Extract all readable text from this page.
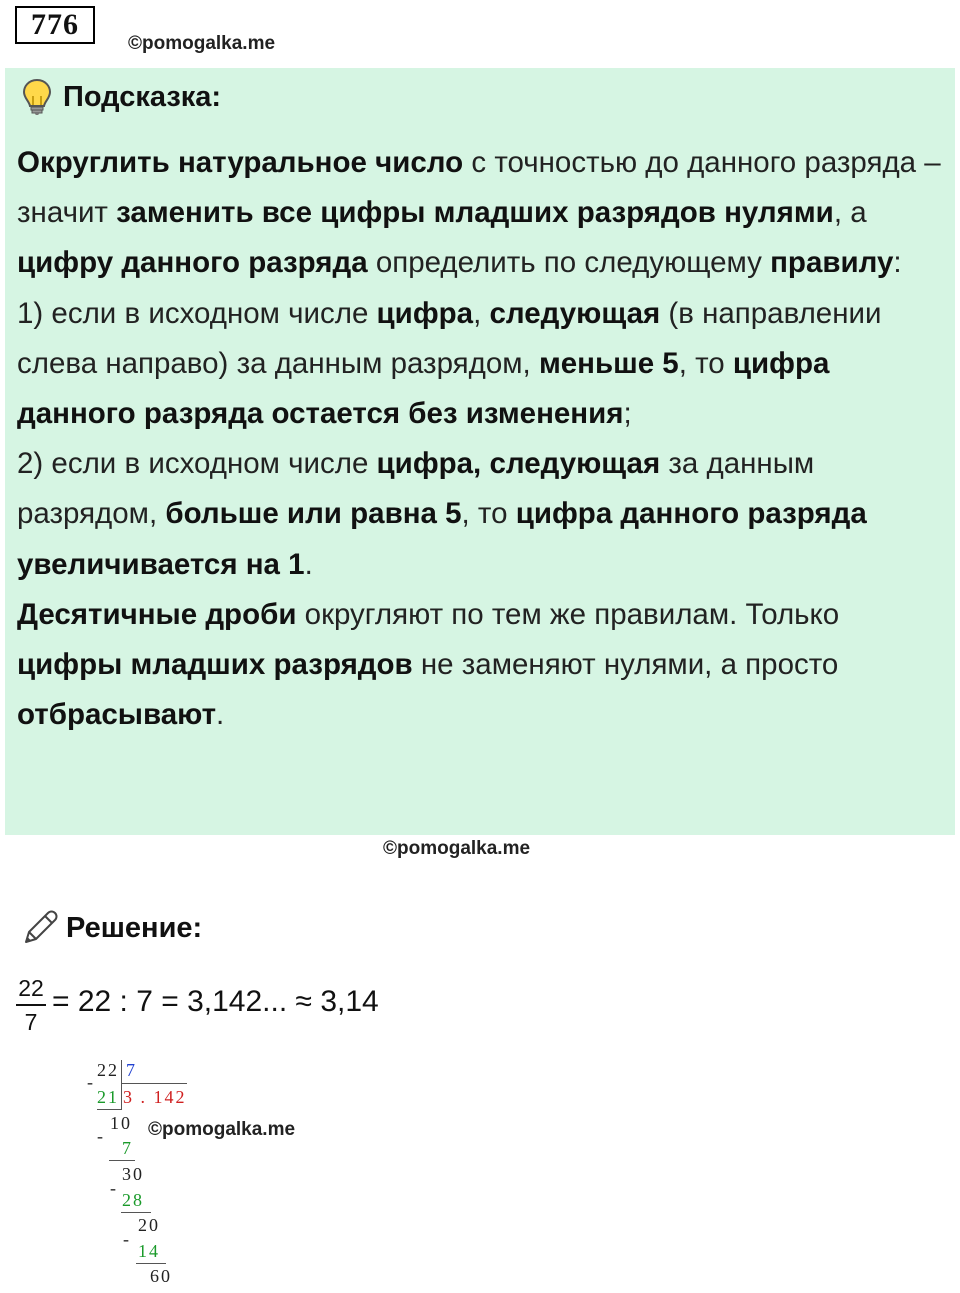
776
©pomogalka.me
Подсказка:
Округлить натуральное число с точностью до данного разряда – значит заменить все цифры младших разрядов нулями, а цифру данного разряда определить по следующему правилу:
1) если в исходном числе цифра, следующая (в направлении слева направо) за данным разрядом, меньше 5, то цифра данного разряда остается без изменения;
2) если в исходном числе цифра, следующая за данным разрядом, больше или равна 5, то цифра данного разряда увеличивается на 1.
Десятичные дроби округляют по тем же правилам. Только цифры младших разрядов не заменяют нулями, а просто отбрасывают.
©pomogalka.me
Решение:
22
7
= 22 : 7 = 3,142... ≈ 3,14
22 7
-
21 3 . 142
10
-
7
30
-
28
20
-
14
60
©pomogalka.me
